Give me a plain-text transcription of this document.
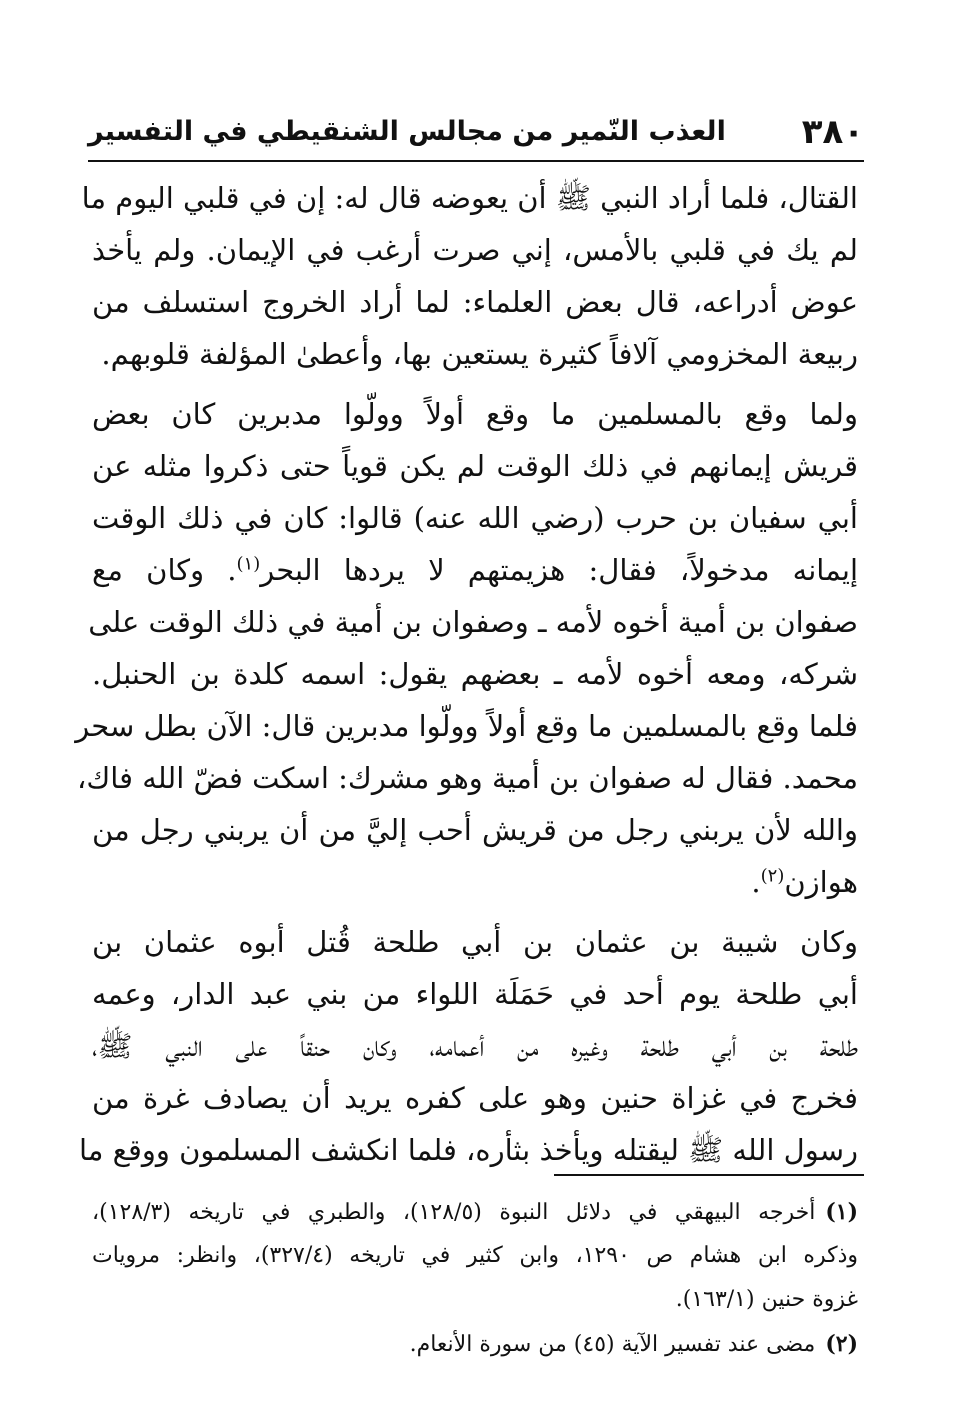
٣٨٠
العذب النّمير من مجالس الشنقيطي في التفسير
القتال، فلما أراد النبي ﷺ أن يعوضه قال له: إن في قلبي اليوم ما
لم يك في قلبي بالأمس، إني صرت أرغب في الإيمان. ولم يأخذ
عوض أدراعه، قال بعض العلماء: لما أراد الخروج استسلف من
ربيعة المخزومي آلافاً كثيرة يستعين بها، وأعطىٰ المؤلفة قلوبهم.
ولما وقع بالمسلمين ما وقع أولاً وولّوا مدبرين كان بعض
قريش إيمانهم في ذلك الوقت لم يكن قوياً حتى ذكروا مثله عن
أبي سفيان بن حرب (رضي الله عنه) قالوا: كان في ذلك الوقت
إيمانه مدخولاً، فقال: هزيمتهم لا يردها البحر$^{(١)}$. وكان مع
صفوان بن أمية أخوه لأمه ـ وصفوان بن أمية في ذلك الوقت على
شركه، ومعه أخوه لأمه ـ بعضهم يقول: اسمه كلدة بن الحنبل.
فلما وقع بالمسلمين ما وقع أولاً وولّوا مدبرين قال: الآن بطل سحر
محمد. فقال له صفوان بن أمية وهو مشرك: اسكت فضّ الله فاك،
والله لأن يربني رجل من قريش أحب إليَّ من أن يربني رجل من
هوازن$^{(٢)}$.
وكان شيبة بن عثمان بن أبي طلحة قُتل أبوه عثمان بن
أبي طلحة يوم أحد في حَمَلَة اللواء من بني عبد الدار، وعمه
طلحة بن أبي طلحة وغيره من أعمامه، وكان حنقاً على النبي ﷺ،
فخرج في غزاة حنين وهو على كفره يريد أن يصادف غرة من
رسول الله ﷺ ليقتله ويأخذ بثأره، فلما انكشف المسلمون ووقع ما
(١)أخرجه البيهقي في دلائل النبوة (١٢٨/٥)، والطبري في تاريخه (١٢٨/٣)،
وذكره ابن هشام ص ١٢٩٠، وابن كثير في تاريخه (٣٢٧/٤)، وانظر: مرويات
غزوة حنين (١٦٣/١).
(٢)مضى عند تفسير الآية (٤٥) من سورة الأنعام.
